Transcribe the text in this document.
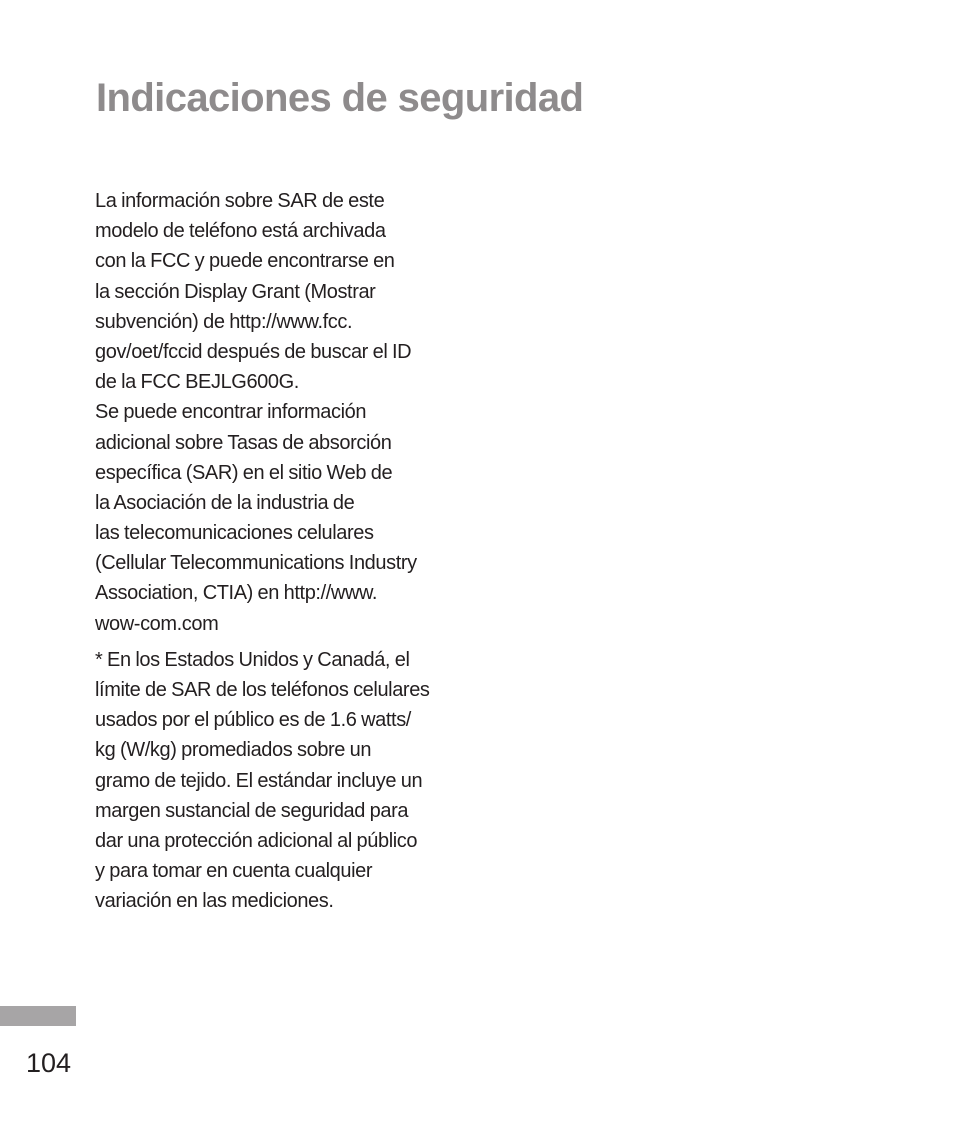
Indicaciones de seguridad

La información sobre SAR de este
modelo de teléfono está archivada
con la FCC y puede encontrarse en
la sección Display Grant (Mostrar
subvención) de http://www.fcc.
gov/oet/fccid después de buscar el ID
de la FCC BEJLG600G.
Se puede encontrar información
adicional sobre Tasas de absorción
específica (SAR) en el sitio Web de
la Asociación de la industria de
las telecomunicaciones celulares
(Cellular Telecommunications Industry
Association, CTIA) en http://www.
wow-com.com

* En los Estados Unidos y Canadá, el
límite de SAR de los teléfonos celulares
usados por el público es de 1.6 watts/
kg (W/kg) promediados sobre un
gramo de tejido. El estándar incluye un
margen sustancial de seguridad para
dar una protección adicional al público
y para tomar en cuenta cualquier
variación en las mediciones.

104
